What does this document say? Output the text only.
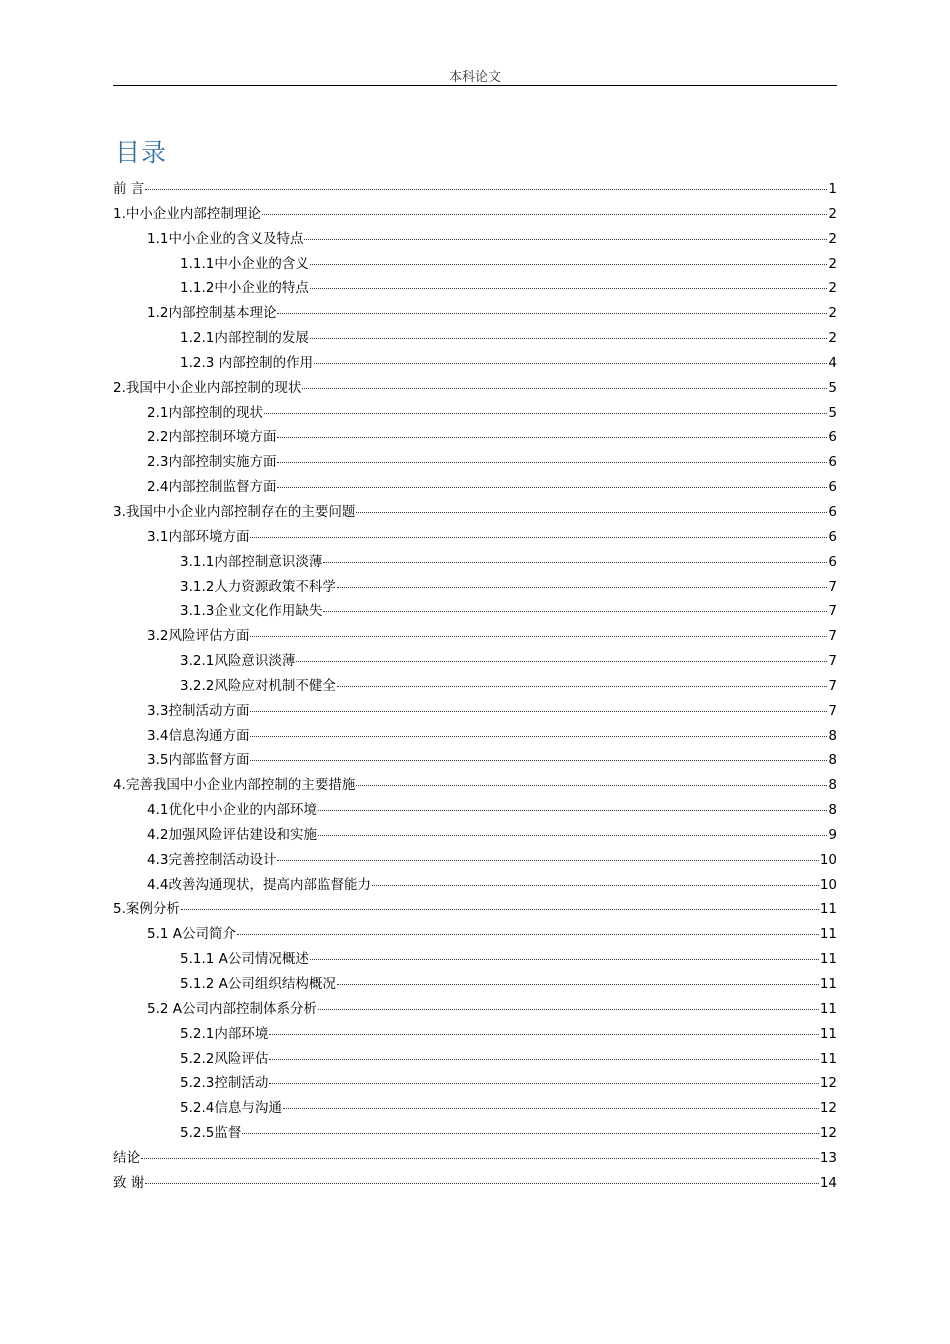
本科论文
目录
前 言	1
1.中小企业内部控制理论	2
1.1中小企业的含义及特点	2
1.1.1中小企业的含义	2
1.1.2中小企业的特点	2
1.2内部控制基本理论	2
1.2.1内部控制的发展	2
1.2.3 内部控制的作用	4
2.我国中小企业内部控制的现状	5
2.1内部控制的现状	5
2.2内部控制环境方面	6
2.3内部控制实施方面	6
2.4内部控制监督方面	6
3.我国中小企业内部控制存在的主要问题	6
3.1内部环境方面	6
3.1.1内部控制意识淡薄	6
3.1.2人力资源政策不科学	7
3.1.3企业文化作用缺失	7
3.2风险评估方面	7
3.2.1风险意识淡薄	7
3.2.2风险应对机制不健全	7
3.3控制活动方面	7
3.4信息沟通方面	8
3.5内部监督方面	8
4.完善我国中小企业内部控制的主要措施	8
4.1优化中小企业的内部环境	8
4.2加强风险评估建设和实施	9
4.3完善控制活动设计	10
4.4改善沟通现状，提高内部监督能力	10
5.案例分析	11
5.1 A公司简介	11
5.1.1 A公司情况概述	11
5.1.2 A公司组织结构概况	11
5.2 A公司内部控制体系分析	11
5.2.1内部环境	11
5.2.2风险评估	11
5.2.3控制活动	12
5.2.4信息与沟通	12
5.2.5监督	12
结论	13
致 谢	14
